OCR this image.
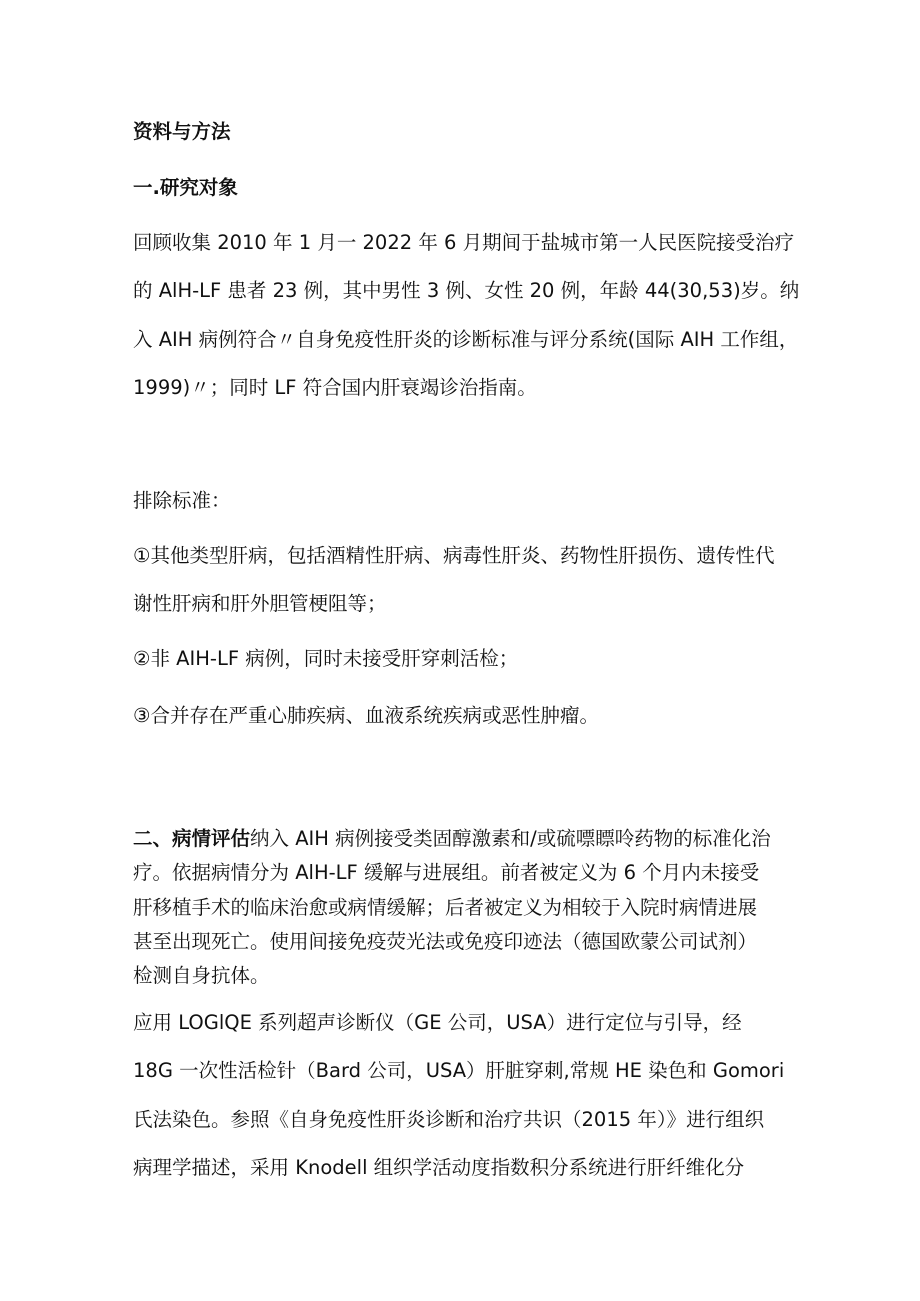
资料与方法
一.研究对象
回顾收集 2010 年 1 月一 2022 年 6 月期间于盐城市第一人民医院接受治疗
的 AlH-LF 患者 23 例，其中男性 3 例、女性 20 例，年龄 44(30,53)岁。纳
入 AIH 病例符合〃自身免疫性肝炎的诊断标准与评分系统(国际 AIH 工作组，
1999)〃；同时 LF 符合国内肝衰竭诊治指南。
排除标准：
①其他类型肝病，包括酒精性肝病、病毒性肝炎、药物性肝损伤、遗传性代
谢性肝病和肝外胆管梗阻等；
②非 AIH-LF 病例，同时未接受肝穿刺活检；
③合并存在严重心肺疾病、血液系统疾病或恶性肿瘤。
二、病情评估纳入 AIH 病例接受类固醇激素和/或硫嘌瞟呤药物的标准化治
疗。依据病情分为 AlH-LF 缓解与进展组。前者被定义为 6 个月内未接受
肝移植手术的临床治愈或病情缓解；后者被定义为相较于入院时病情进展
甚至出现死亡。使用间接免疫荧光法或免疫印迹法（德国欧蒙公司试剂）
检测自身抗体。
应用 LOGlQE 系列超声诊断仪（GE 公司，USA）进行定位与引导，经
18G 一次性活检针（Bard 公司，USA）肝脏穿刺,常规 HE 染色和 Gomori
氏法染色。参照《自身免疫性肝炎诊断和治疗共识（2015 年）》进行组织
病理学描述，采用 Knodell 组织学活动度指数积分系统进行肝纤维化分
